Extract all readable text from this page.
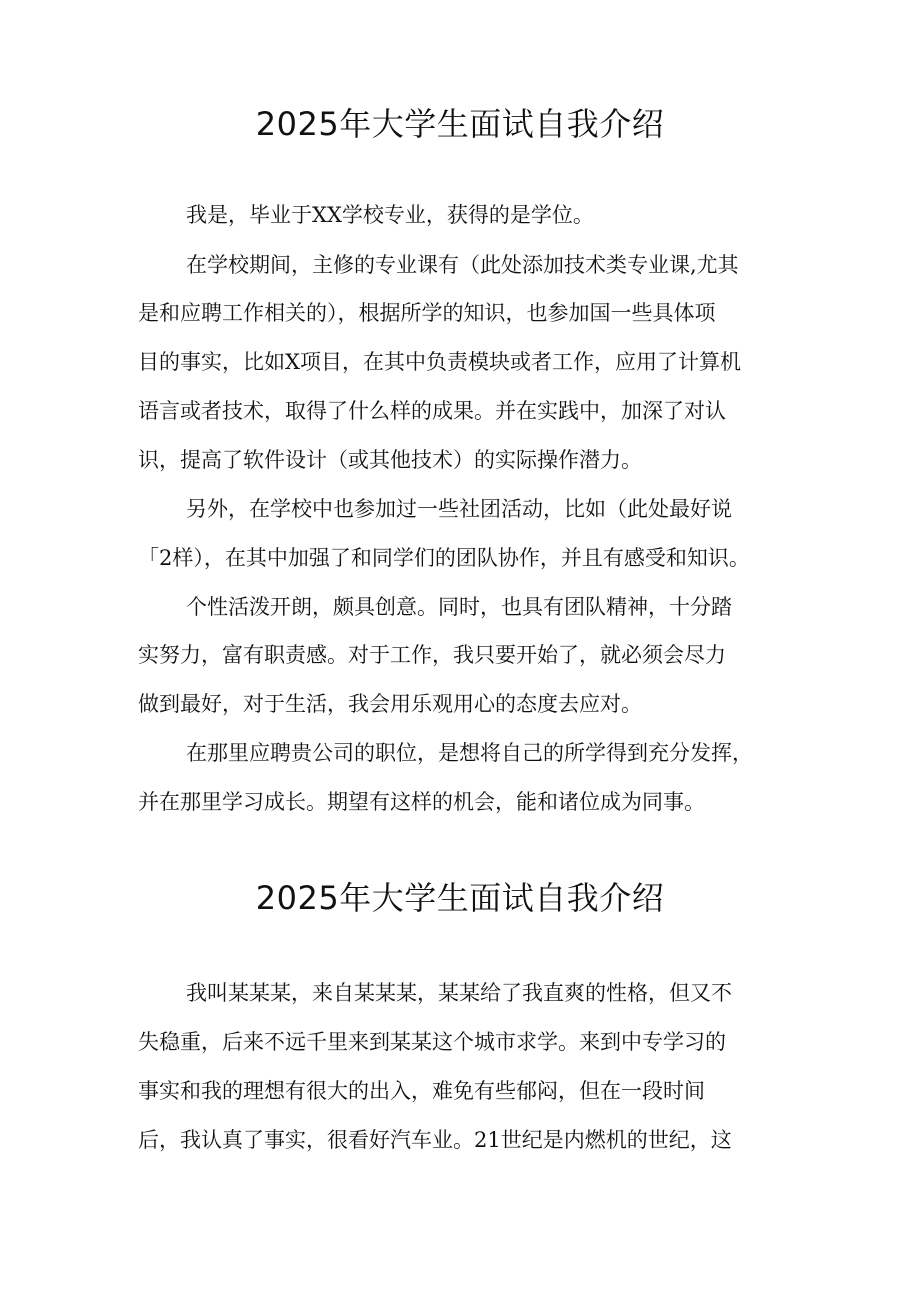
2025年大学生面试自我介绍
我是，毕业于XX学校专业，获得的是学位。
在学校期间，主修的专业课有（此处添加技术类专业课,尤其
是和应聘工作相关的），根据所学的知识，也参加国一些具体项
目的事实，比如X项目，在其中负责模块或者工作，应用了计算机
语言或者技术，取得了什么样的成果。并在实践中，加深了对认
识，提高了软件设计（或其他技术）的实际操作潜力。
另外，在学校中也参加过一些社团活动，比如（此处最好说
「2样），在其中加强了和同学们的团队协作，并且有感受和知识。
个性活泼开朗，颇具创意。同时，也具有团队精神，十分踏
实努力，富有职责感。对于工作，我只要开始了，就必须会尽力
做到最好，对于生活，我会用乐观用心的态度去应对。
在那里应聘贵公司的职位，是想将自己的所学得到充分发挥，
并在那里学习成长。期望有这样的机会，能和诸位成为同事。
2025年大学生面试自我介绍
我叫某某某，来自某某某，某某给了我直爽的性格，但又不
失稳重，后来不远千里来到某某这个城市求学。来到中专学习的
事实和我的理想有很大的出入，难免有些郁闷，但在一段时间
后，我认真了事实，很看好汽车业。21世纪是内燃机的世纪，这
